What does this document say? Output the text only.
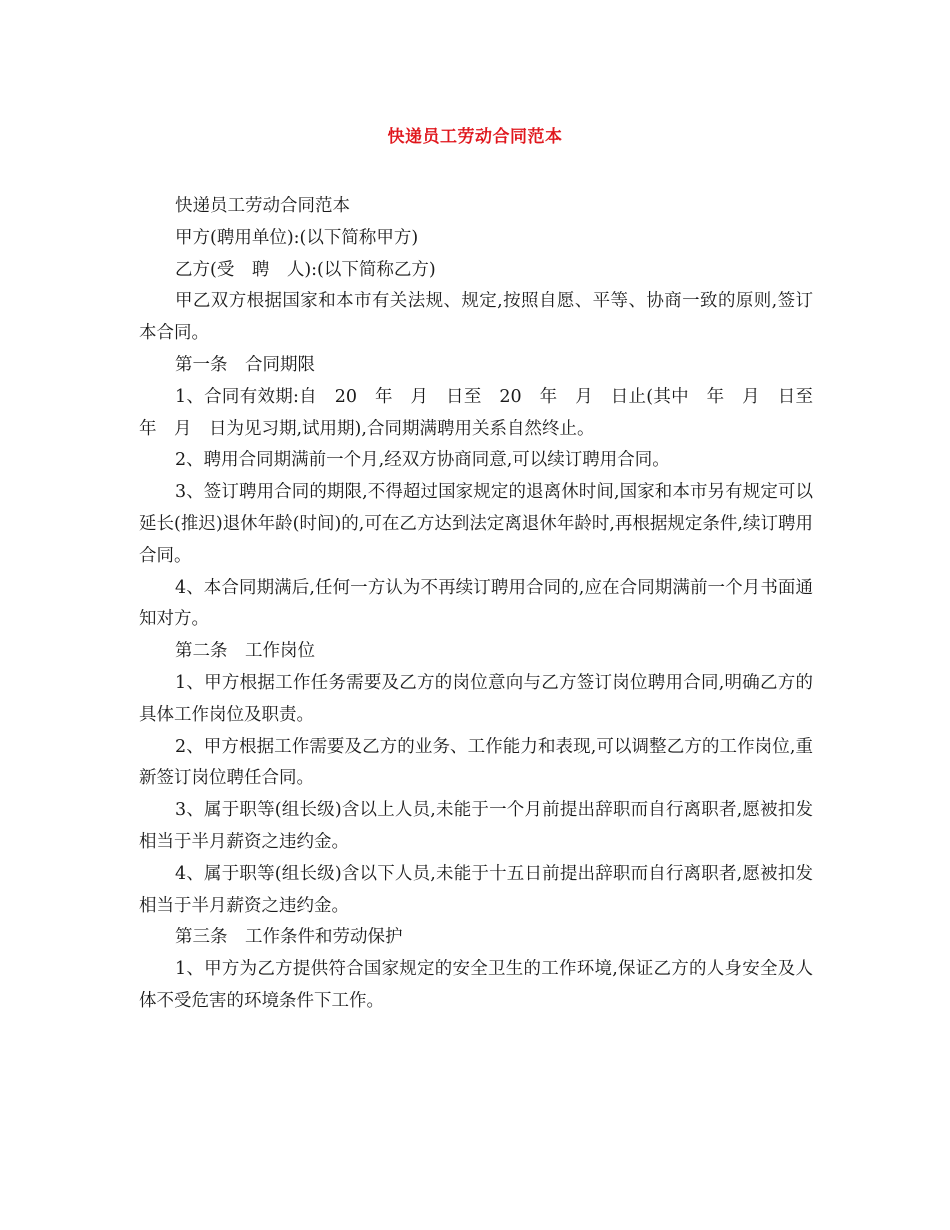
快递员工劳动合同范本

快递员工劳动合同范本

甲方(聘用单位):(以下简称甲方)

乙方(受　聘　人):(以下简称乙方)

甲乙双方根据国家和本市有关法规、规定,按照自愿、平等、协商一致的原则,签订本合同。

第一条　合同期限

1、合同有效期:自　20　年　月　日至　20　年　月　日止(其中　年　月　日至　年　月　日为见习期,试用期),合同期满聘用关系自然终止。

2、聘用合同期满前一个月,经双方协商同意,可以续订聘用合同。

3、签订聘用合同的期限,不得超过国家规定的退离休时间,国家和本市另有规定可以延长(推迟)退休年龄(时间)的,可在乙方达到法定离退休年龄时,再根据规定条件,续订聘用合同。

4、本合同期满后,任何一方认为不再续订聘用合同的,应在合同期满前一个月书面通知对方。

第二条　工作岗位

1、甲方根据工作任务需要及乙方的岗位意向与乙方签订岗位聘用合同,明确乙方的具体工作岗位及职责。

2、甲方根据工作需要及乙方的业务、工作能力和表现,可以调整乙方的工作岗位,重新签订岗位聘任合同。

3、属于职等(组长级)含以上人员,未能于一个月前提出辞职而自行离职者,愿被扣发相当于半月薪资之违约金。

4、属于职等(组长级)含以下人员,未能于十五日前提出辞职而自行离职者,愿被扣发相当于半月薪资之违约金。

第三条　工作条件和劳动保护

1、甲方为乙方提供符合国家规定的安全卫生的工作环境,保证乙方的人身安全及人体不受危害的环境条件下工作。
